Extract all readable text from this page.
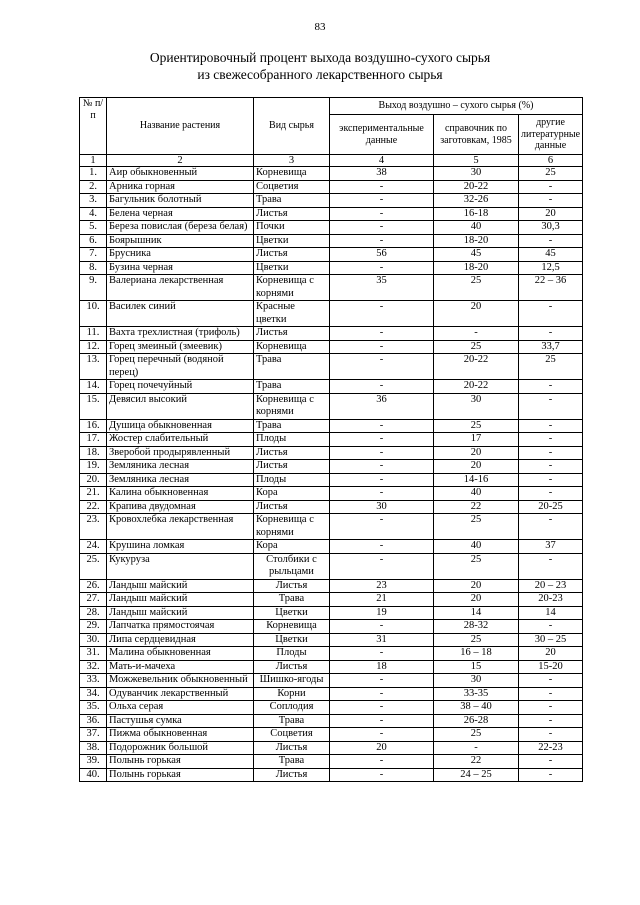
83
Ориентировочный процент выхода воздушно-сухого сырья
из свежесобранного лекарственного сырья
№ п/п	Название растения	Вид сырья	Выход воздушно – сухого сырья (%)		
			экспериментальные данные	справочник по заготовкам, 1985	другие литературные данные
1	2	3	4	5	6
1.	Аир обыкновенный	Корневища	38	30	25
2.	Арника горная	Соцветия	-	20-22	-
3.	Багульник болотный	Трава	-	32-26	-
4.	Белена черная	Листья	-	16-18	20
5.	Береза повислая (береза белая)	Почки	-	40	30,3
6.	Боярышник	Цветки	-	18-20	-
7.	Брусника	Листья	56	45	45
8.	Бузина черная	Цветки	-	18-20	12,5
9.	Валериана лекарственная	Корневища с корнями	35	25	22 – 36
10.	Василек синий	Красные цветки	-	20	-
11.	Вахта трехлистная (трифоль)	Листья	-	-	-
12.	Горец змеиный (змеевик)	Корневища	-	25	33,7
13.	Горец перечный (водяной перец)	Трава	-	20-22	25
14.	Горец почечуйный	Трава	-	20-22	-
15.	Девясил высокий	Корневища с корнями	36	30	-
16.	Душица обыкновенная	Трава	-	25	-
17.	Жостер слабительный	Плоды	-	17	-
18.	Зверобой продырявленный	Листья	-	20	-
19.	Земляника лесная	Листья	-	20	-
20.	Земляника лесная	Плоды	-	14-16	-
21.	Калина обыкновенная	Кора	-	40	-
22.	Крапива двудомная	Листья	30	22	20-25
23.	Кровохлебка лекарственная	Корневища с корнями	-	25	-
24.	Крушина ломкая	Кора	-	40	37
25.	Кукуруза	Столбики с рыльцами	-	25	-
26.	Ландыш майский	Листья	23	20	20 – 23
27.	Ландыш майский	Трава	21	20	20-23
28.	Ландыш майский	Цветки	19	14	14
29.	Лапчатка прямостоячая	Корневища	-	28-32	-
30.	Липа сердцевидная	Цветки	31	25	30 – 25
31.	Малина обыкновенная	Плоды	-	16 – 18	20
32.	Мать-и-мачеха	Листья	18	15	15-20
33.	Можжевельник обыкновенный	Шишко-ягоды	-	30	-
34.	Одуванчик лекарственный	Корни	-	33-35	-
35.	Ольха серая	Соплодия	-	38 – 40	-
36.	Пастушья сумка	Трава	-	26-28	-
37.	Пижма обыкновенная	Соцветия	-	25	-
38.	Подорожник большой	Листья	20	-	22-23
39.	Полынь горькая	Трава	-	22	-
40.	Полынь горькая	Листья	-	24 – 25	-
